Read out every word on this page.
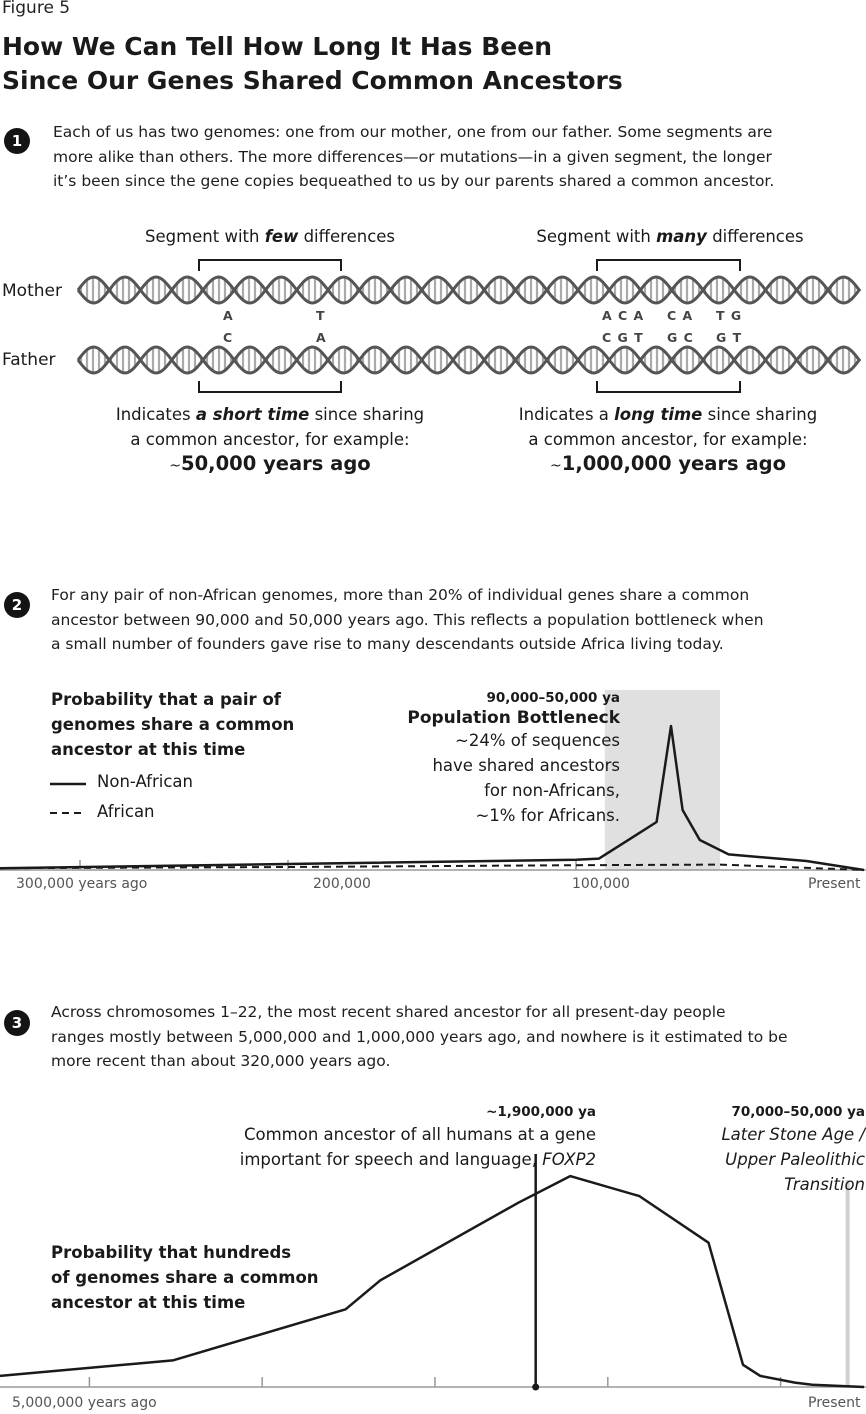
Figure 5
How We Can Tell How Long It Has Been
Since Our Genes Shared Common Ancestors
1	Each of us has two genomes: one from our mother, one from our father. Some segments are
more alike than others. The more differences—or mutations—in a given segment, the longer
it’s been since the gene copies bequeathed to us by our parents shared a common ancestor.
Segment with few differences	Segment with many differences
Mother
Father
A	T
C	A
A C A C A T G
C G T G C G T
Indicates a short time since sharing
a common ancestor, for example:
~50,000 years ago
Indicates a long time since sharing
a common ancestor, for example:
~1,000,000 years ago
2
For any pair of non-African genomes, more than 20% of individual genes share a common
ancestor between 90,000 and 50,000 years ago. This reflects a population bottleneck when
a small number of founders gave rise to many descendants outside Africa living today.
Probability that a pair of
genomes share a common
ancestor at this time
Non-African
African
90,000–50,000 ya
Population Bottleneck
~24% of sequences
have shared ancestors
for non-Africans,
~1% for Africans.
300,000 years ago	200,000	100,000	Present
3
Across chromosomes 1–22, the most recent shared ancestor for all present-day people
ranges mostly between 5,000,000 and 1,000,000 years ago, and nowhere is it estimated to be
more recent than about 320,000 years ago.
~1,900,000 ya
Common ancestor of all humans at a gene
important for speech and language, FOXP2
70,000–50,000 ya
Later Stone Age /
Upper Paleolithic
Transition
Probability that hundreds
of genomes share a common
ancestor at this time
5,000,000 years ago	Present
